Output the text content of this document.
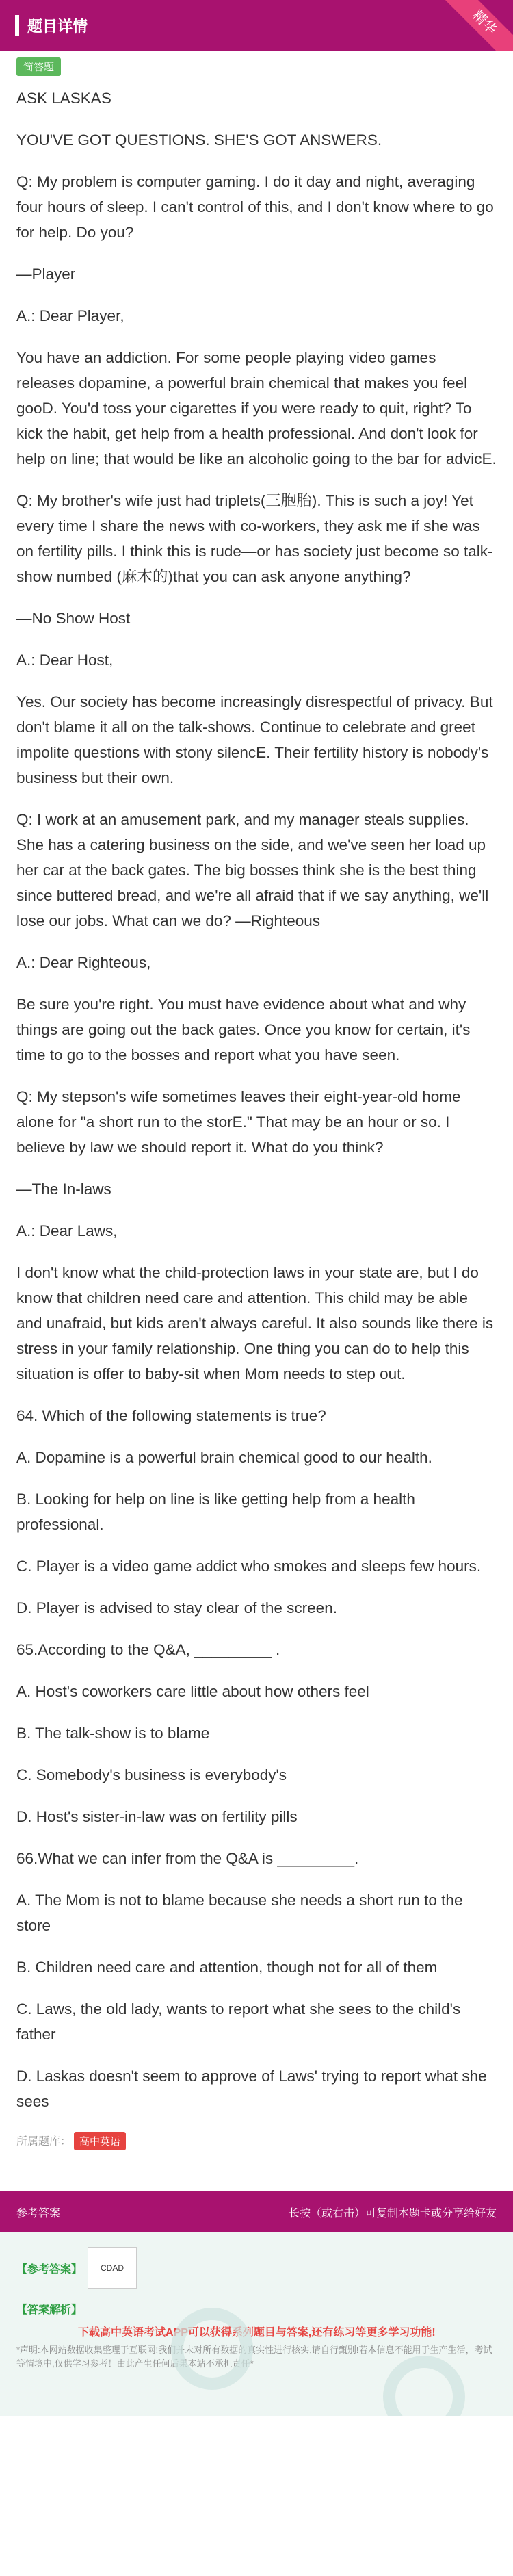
题目详情	精华
简答题
ASK LASKAS
YOU'VE GOT QUESTIONS. SHE'S GOT ANSWERS.
Q: My problem is computer gaming. I do it day and night, averaging four hours of sleep. I can't control of this, and I don't know where to go for help. Do you?
—Player
A.: Dear Player,
You have an addiction. For some people playing video games releases dopamine, a powerful brain chemical that makes you feel gooD. You'd toss your cigarettes if you were ready to quit, right? To kick the habit, get help from a health professional. And don't look for help on line; that would be like an alcoholic going to the bar for advicE.
Q: My brother's wife just had triplets(三胞胎). This is such a joy! Yet every time I share the news with co-workers, they ask me if she was on fertility pills. I think this is rude—or has society just become so talk-show numbed (麻木的)that you can ask anyone anything?
—No Show Host
A.: Dear Host,
Yes. Our society has become increasingly disrespectful of privacy. But don't blame it all on the talk-shows. Continue to celebrate and greet impolite questions with stony silencE. Their fertility history is nobody's business but their own.
Q: I work at an amusement park, and my manager steals supplies. She has a catering business on the side, and we've seen her load up her car at the back gates. The big bosses think she is the best thing since buttered bread, and we're all afraid that if we say anything, we'll lose our jobs. What can we do? —Righteous
A.: Dear Righteous,
Be sure you're right. You must have evidence about what and why things are going out the back gates. Once you know for certain, it's time to go to the bosses and report what you have seen.
Q: My stepson's wife sometimes leaves their eight-year-old home alone for "a short run to the storE." That may be an hour or so. I believe by law we should report it. What do you think?
—The In-laws
A.: Dear Laws,
I don't know what the child-protection laws in your state are, but I do know that children need care and attention. This child may be able and unafraid, but kids aren't always careful. It also sounds like there is stress in your family relationship. One thing you can do to help this situation is offer to baby-sit when Mom needs to step out.
64. Which of the following statements is true?
A. Dopamine is a powerful brain chemical good to our health.
B. Looking for help on line is like getting help from a health professional.
C. Player is a video game addict who smokes and sleeps few hours.
D. Player is advised to stay clear of the screen.
65.According to the Q&A, _________ .
A. Host's coworkers care little about how others feel
B. The talk-show is to blame
C. Somebody's business is everybody's
D. Host's sister-in-law was on fertility pills
66.What we can infer from the Q&A is _________.
A. The Mom is not to blame because she needs a short run to the store
B. Children need care and attention, though not for all of them
C. Laws, the old lady, wants to report what she sees to the child's father
D. Laskas doesn't seem to approve of Laws' trying to report what she sees
所属题库： 高中英语
参考答案	长按（或右击）可复制本题卡或分享给好友
【参考答案】	CDAD
【答案解析】
下载高中英语考试APP可以获得系列题目与答案,还有练习等更多学习功能!
*声明:本网站数据收集整理于互联网!我们并未对所有数据的真实性进行核实,请自行甄别!若本信息不能用于生产生活，考试等情境中,仅供学习参考！由此产生任何后果本站不承担责任*
